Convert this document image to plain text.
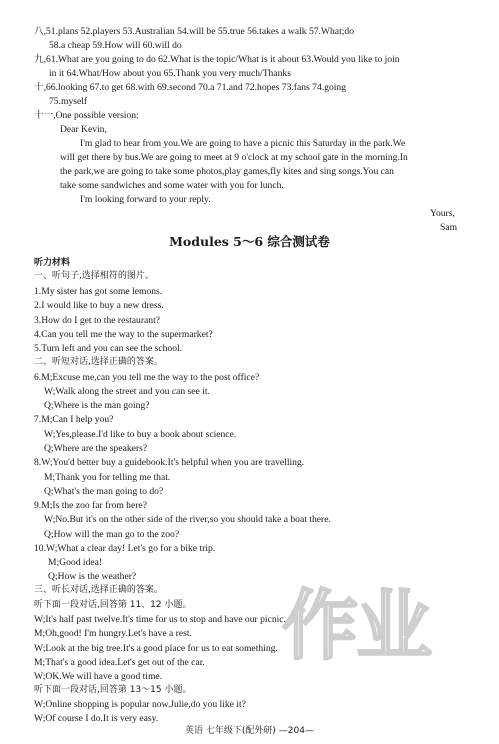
八,51.plans 52.players 53.Australian 54.will be 55.true 56.takes a walk 57.What;do
58.a cheap 59.How will 60.will do
九,61.What are you going to do 62.What is the topic/What is it about 63.Would you like to join
in it 64.What/How about you 65.Thank you very much/Thanks
十,66.looking 67.to get 68.with 69.second 70.a 71.and 72.hopes 73.fans 74.going
75.myself
十一,One possible version:
Dear Kevin,
I'm glad to hear from you.We are going to have a picnic this Saturday in the park.We
will get there by bus.We are going to meet at 9 o'clock at my school gate in the morning.In
the park,we are going to take some photos,play games,fly kites and sing songs.You can
take some sandwiches and some water with you for lunch.
I'm looking forward to your reply.
Yours,
Sam
Modules 5～6 综合测试卷
听力材料
一、听句子,选择相符的图片。
1.My sister has got some lemons.
2.I would like to buy a new dress.
3.How do I get to the restaurant?
4.Can you tell me the way to the supermarket?
5.Turn left and you can see the school.
二、听短对话,选择正确的答案。
6.M;Excuse me,can you tell me the way to the post office?
W;Walk along the street and you can see it.
Q;Where is the man going?
7.M;Can I help you?
W;Yes,please.I'd like to buy a book about science.
Q;Where are the speakers?
8.W;You'd better buy a guidebook.It's helpful when you are travelling.
M;Thank you for telling me that.
Q;What's the man going to do?
9.M;Is the zoo far from here?
W;No.But it's on the other side of the river,so you should take a boat there.
Q;How will the man go to the zoo?
10.W;What a clear day! Let's go for a bike trip.
M;Good idea!
Q;How is the weather?
三、听长对话,选择正确的答案。
听下面一段对话,回答第 11、12 小题。
W;It's half past twelve.It's time for us to stop and have our picnic.
M;Oh,good! I'm hungry.Let's have a rest.
W;Look at the big tree.It's a good place for us to eat something.
M;That's a good idea.Let's get out of the car.
W;OK.We will have a good time.
听下面一段对话,回答第 13～15 小题。
W;Online shopping is popular now.Julie,do you like it?
W;Of course I do.It is very easy.
作业
英语 七年级下(配外研) —204—
